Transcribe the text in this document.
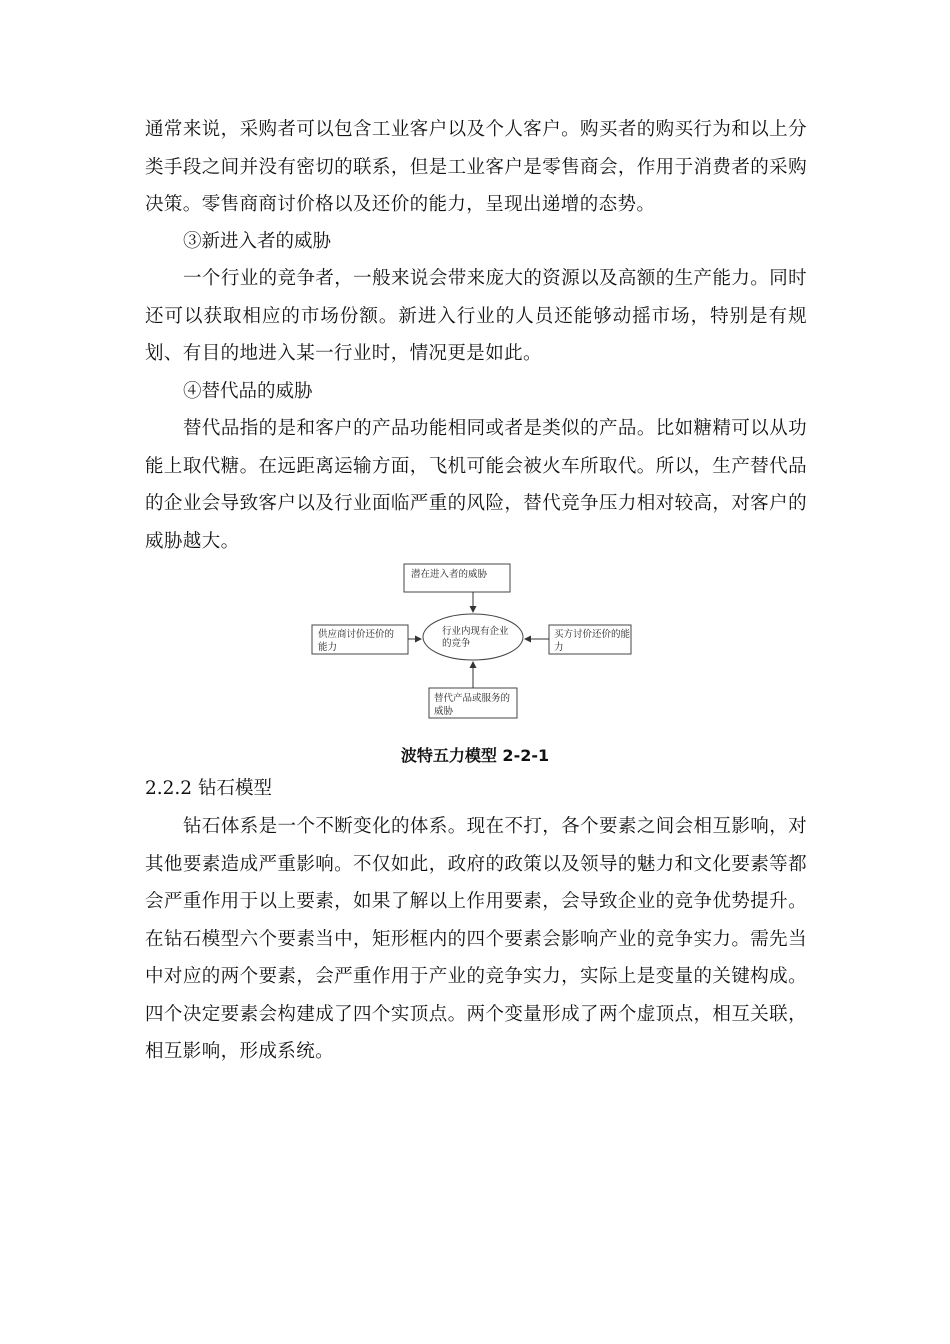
通常来说，采购者可以包含工业客户以及个人客户。购买者的购买行为和以上分类手段之间并没有密切的联系，但是工业客户是零售商会，作用于消费者的采购决策。零售商商讨价格以及还价的能力，呈现出递增的态势。

③新进入者的威胁

一个行业的竞争者，一般来说会带来庞大的资源以及高额的生产能力。同时还可以获取相应的市场份额。新进入行业的人员还能够动摇市场，特别是有规划、有目的地进入某一行业时，情况更是如此。

④替代品的威胁

替代品指的是和客户的产品功能相同或者是类似的产品。比如糖精可以从功能上取代糖。在远距离运输方面，飞机可能会被火车所取代。所以，生产替代品的企业会导致客户以及行业面临严重的风险，替代竞争压力相对较高，对客户的威胁越大。

潜在进入者的威胁
行业内现有企业
的竞争
供应商讨价还价的
能力
买方讨价还价的能
力
替代产品或服务的
威胁

波特五力模型 2-2-1

2.2.2 钻石模型

钻石体系是一个不断变化的体系。现在不打，各个要素之间会相互影响，对其他要素造成严重影响。不仅如此，政府的政策以及领导的魅力和文化要素等都会严重作用于以上要素，如果了解以上作用要素，会导致企业的竞争优势提升。在钻石模型六个要素当中，矩形框内的四个要素会影响产业的竞争实力。需先当中对应的两个要素，会严重作用于产业的竞争实力，实际上是变量的关键构成。四个决定要素会构建成了四个实顶点。两个变量形成了两个虚顶点，相互关联，相互影响，形成系统。
